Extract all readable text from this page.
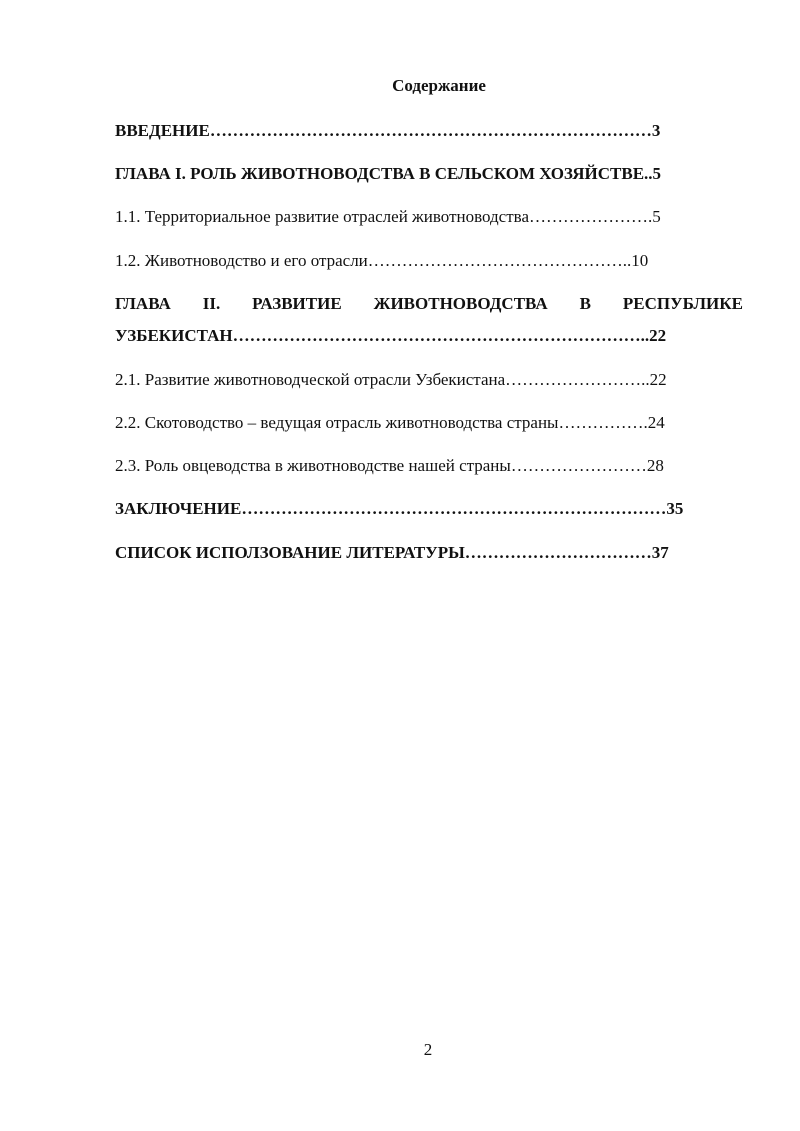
Содержание
ВВЕДЕНИЕ……………………………………………………………………3
ГЛАВА I. РОЛЬ ЖИВОТНОВОДСТВА В СЕЛЬСКОМ ХОЗЯЙСТВЕ..5
1.1. Территориальное развитие отраслей животноводства………………….5
1.2. Животноводство и его отрасли………………………………………..10
ГЛАВА II. РАЗВИТИЕ ЖИВОТНОВОДСТВА В РЕСПУБЛИКЕ
УЗБЕКИСТАН………………………………………………………………..22
2.1. Развитие животноводческой отрасли Узбекистана……………………..22
2.2. Скотоводство – ведущая отрасль животноводства страны…………….24
2.3. Роль овцеводства в животноводстве нашей страны……………………28
ЗАКЛЮЧЕНИЕ…………………………………………………………………35
СПИСОК ИСПОЛЗОВАНИЕ ЛИТЕРАТУРЫ……………………………37
2
